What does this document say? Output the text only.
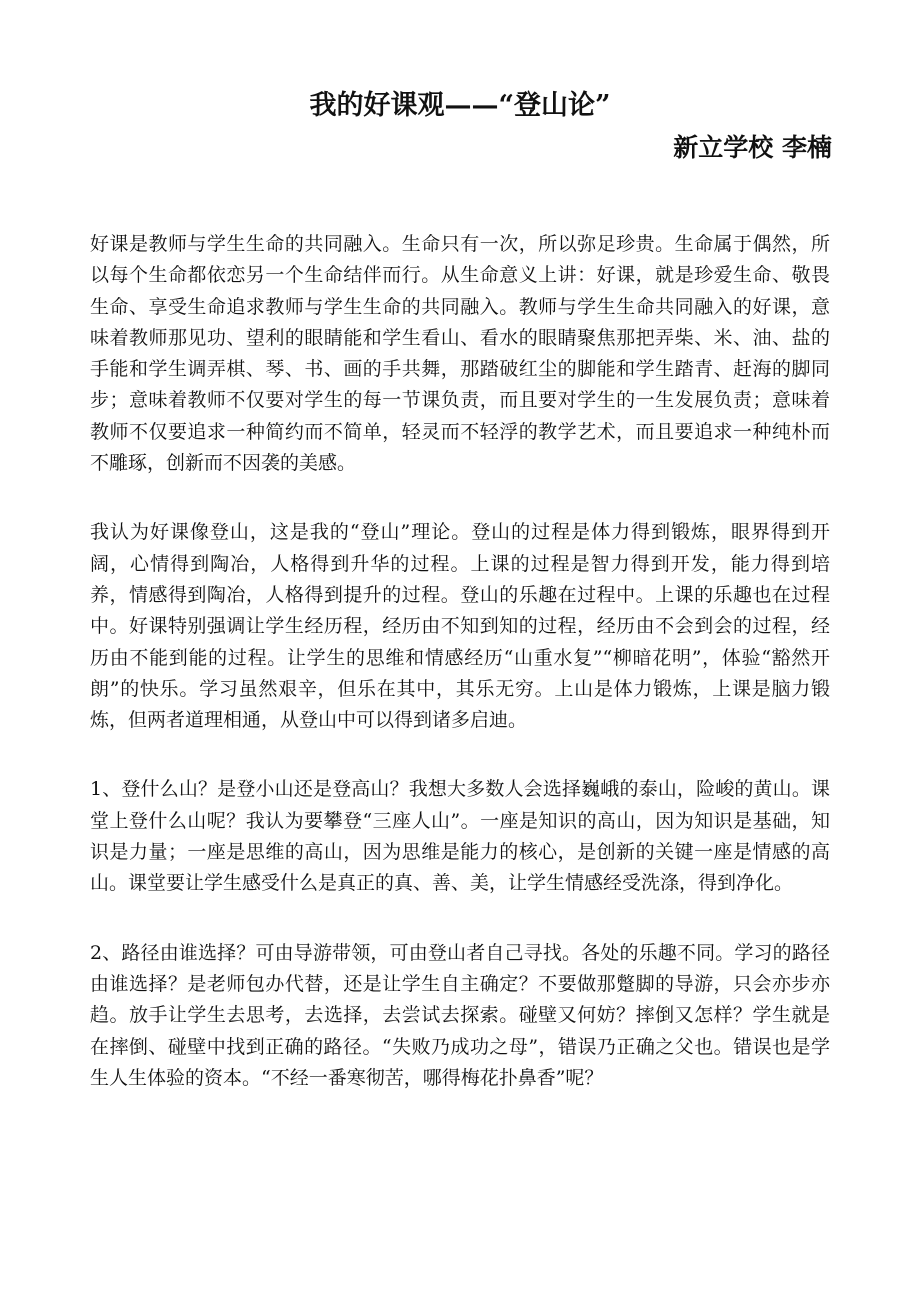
我的好课观——“登山论”
新立学校 李楠

好课是教师与学生生命的共同融入。生命只有一次，所以弥足珍贵。生命属于偶然，所以每个生命都依恋另一个生命结伴而行。从生命意义上讲：好课，就是珍爱生命、敬畏生命、享受生命追求教师与学生生命的共同融入。教师与学生生命共同融入的好课，意味着教师那见功、望利的眼睛能和学生看山、看水的眼睛聚焦那把弄柴、米、油、盐的手能和学生调弄棋、琴、书、画的手共舞，那踏破红尘的脚能和学生踏青、赶海的脚同步；意味着教师不仅要对学生的每一节课负责，而且要对学生的一生发展负责；意味着教师不仅要追求一种简约而不简单，轻灵而不轻浮的教学艺术，而且要追求一种纯朴而不雕琢，创新而不因袭的美感。

我认为好课像登山，这是我的“登山”理论。登山的过程是体力得到锻炼，眼界得到开阔，心情得到陶冶，人格得到升华的过程。上课的过程是智力得到开发，能力得到培养，情感得到陶冶，人格得到提升的过程。登山的乐趣在过程中。上课的乐趣也在过程中。好课特别强调让学生经历程，经历由不知到知的过程，经历由不会到会的过程，经历由不能到能的过程。让学生的思维和情感经历“山重水复”“柳暗花明”，体验“豁然开朗”的快乐。学习虽然艰辛，但乐在其中，其乐无穷。上山是体力锻炼，上课是脑力锻炼，但两者道理相通，从登山中可以得到诸多启迪。

1、登什么山？是登小山还是登高山？我想大多数人会选择巍峨的泰山，险峻的黄山。课堂上登什么山呢？我认为要攀登“三座人山”。一座是知识的高山，因为知识是基础，知识是力量；一座是思维的高山，因为思维是能力的核心，是创新的关键一座是情感的高山。课堂要让学生感受什么是真正的真、善、美，让学生情感经受洗涤，得到净化。

2、路径由谁选择？可由导游带领，可由登山者自己寻找。各处的乐趣不同。学习的路径由谁选择？是老师包办代替，还是让学生自主确定？不要做那蹩脚的导游，只会亦步亦趋。放手让学生去思考，去选择，去尝试去探索。碰壁又何妨？摔倒又怎样？学生就是在摔倒、碰壁中找到正确的路径。“失败乃成功之母”，错误乃正确之父也。错误也是学生人生体验的资本。“不经一番寒彻苦，哪得梅花扑鼻香”呢？
